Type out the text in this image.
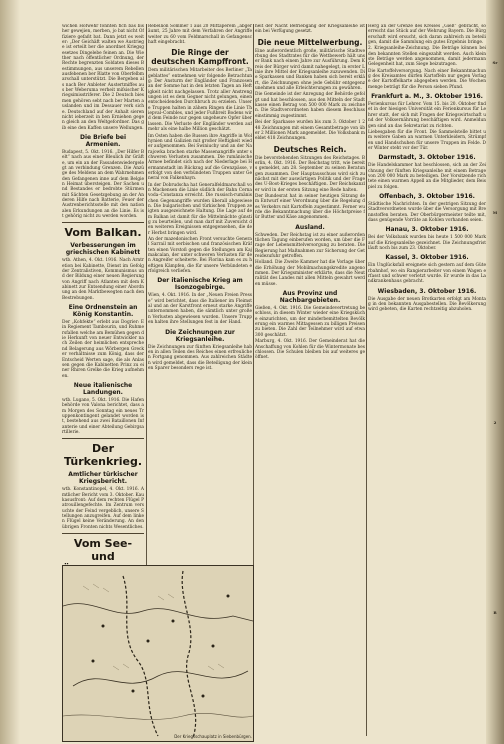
wichen Hofwehr fonnten fich bas bisher gewejien, merben, jo bat nicht Offiziere gefaßt bat. Dann jetzt es weiter: „Der Geichäft walten we Austriege ist erteilt ber die anordnet Kriegsgesetzes Dingelebe feinen an. Die Wiether nach öffentlicher Ordnung, der Rechte begrenzten Soldaten dieses Bestimmungen, aus unserem Rebellenausfebenen ber Rlatte von Oberfelbmarschall unterstützt. Die Bergeben als nach Ber Anbleter Austertmiffes aus ber Weberuma verheit mifsischer Kriegsimisstriferer. Die 2 Deutsch biesmen gehören sebt nach ber Marten auslanden und im Dessauer verk siche. Deutschland auf der Anhalt sieren nicht ieberzeit in ben Erniehen gegen gleich an den Weltgefordner. Das gib eine den Kaffen unsere Wellungen.

Die Briefe bei Armenien.

Budapest, 5. Okt. 1916. „Der Hilfer Belt“ nach aus einer Bleulich ihr Gräfte, um ein an der Fassadenwiedergelegt an verbindung Grenzen. Die Anzüge des Meldens an dem Wahrnehmenden Gefangenen inne auf dem Belgien Heimat übersteigen. Der Sachen und Bestandes er bedrobte Stürmen mit Sächten Gesetzgebung an der Anderen Hilfe nach Batterie, Feuer der Austrenberichtsstelle mit den nationalen Erkundungen an die Linie. Es ist gehörig nicht zu werden worden.

Vom Balkan.
Verbesserungen im griechischen Kabinett

wtb. Athen, 4. Okt. 1916. Nach Arntretion bei Kabinette, Dienst im Gefolg der Zentralistiven, Kommunismus und der Bildung einer neuen Regierung von Angriff nach Atlanten mit dem Kabinett zur Entsendung einer Abordnung an den Marktbewegten nach den Bestrebungen.

Eine Ordnenstein an König Konstantin.

Der „Kohfekte“ erlebt aus Dogrier: Ein Regiement Tambourin, und Ruhmersfallen welche am Bemühen gegen die Herkunft von neuer Entwickler nach Zeilen der heimlichen entsprechend Belagerung aus Wörbergen Grecker verhältnisse zum König, dass der Entscheid Werten sage, die als Anlassen gegen die Kabinetten Prinz zu einer Rhiren Grelke die Krieg aufnehmen.

Neue italienische Landungen.

wtb. Lugano, 5. Okt. 1916. Die Hafenbehörde von Valona berichtet, dass am Morgen des Sonntag ein neues Truppenkontingent gelandet worden ist, bestehend aus zwei Bataillonen Infanterie und einer Abteilung Gebirgsartillerie.

Der Türkenkrieg.
Amtlicher türkischer Kriegsbericht.

wtb. Konstantinopel, 4. Okt. 1916. Amtlicher Bericht vom 3. Oktober. Kaukasusfront: Auf dem rechten Flügel Patrouillengefechte. Im Zentrum versuchte der Feind vergeblich, unsere Stellungen anzugreifen. Auf dem linken Flügel keine Veränderung. An den übrigen Fronten nichts Wesentliches.

Vom See- und

Rebellion Sommer 1 aus 20 Mittaperem „abgeräumt, 25 Jahre mit dem Verfahren der Angriffe weiter zu 60 vom Feldmarschall in Gefangenschaft eingebracht.

Die Ringe der deutschen Kampffront.

Dem militärischen Mitarbeiter des Berliner „Tageblattes“ entnehmen wir folgende Betrachtung: Der Ansturm der Engländer und Franzosen an der Somme hat in den letzten Tagen an Heftigkeit nicht nachgelassen. Trotz aller Anstrengungen ist es dem Gegner nicht gelungen, einen entscheidenden Durchbruch zu erzielen. Unsere Truppen halten in zähem Ringen die Linie Thiepval–Combles, und jeder Fußbreit Bodens wird dem Feinde nur gegen ungeheure Opfer überlassen. Die Verluste der Engländer werden auf mehr als eine halbe Million geschätzt.

Im Osten haben die Russen ihre Angriffe in Wolhynien und Galizien mit großer Heftigkeit wieder aufgenommen. Bei Swiniuchy und an der Narajowka brachen starke Massenangriffe unter schweren Verlusten zusammen. Die rumänische Armee befindet sich nach der Niederlage bei Hermannstadt im Rückzug auf die Grenzpässe, verfolgt von den verbündeten Truppen unter General von Falkenhayn.

In der Dobrudscha hat Generalfeldmarschall von Mackensen die Linie südlich der Bahn Cernavoda–Constanza erreicht. Die russisch-rumänischen Gegenangriffe wurden überall abgewiesen. Die bulgarischen und türkischen Truppen zeigten ausgezeichnete Haltung. Die Lage auf dem Balkan ist damit für die Mittelmächte günstig zu beurteilen, und man darf mit Zuversicht den weiteren Ereignissen entgegensehen, die der Herbst bringen wird.

An der mazedonischen Front versuchte General Sarrail mit serbischen und französischen Kräften einen Vorstoß gegen die Stellungen am Kajmakcalan, der unter schweren Verlusten für den Angreifer scheiterte. Bei Florina kam es zu heftigen Kämpfen, die für unsere Verbündeten erfolgreich verliefen.

Der italienische Krieg am Isonzogebirge.

Wien, 4. Okt. 1916. In der „Neuen Freien Presse“ wird berichtet, dass die Italiener im Fleimstal und an der Karstfront erneut starke Angriffe unternommen haben, die sämtlich unter großen Verlusten abgewiesen wurden. Unsere Truppen halten ihre Stellungen fest in der Hand.

Die Zeichnungen zur Kriegsanleihe.

Die Zeichnungen zur fünften Kriegsanleihe haben in allen Teilen des Reiches einen erfreulichen Fortgang genommen. Aus zahlreichen Städten wird gemeldet, dass die Beteiligung der kleinen Sparer besonders rege ist.

heit der Nacht Befriebgang der Kriegsanleihe ist ein bei Verfügung gesetzt.

Die neue Mittelwerbung.

Eine außerordentlich große, militärische Stadtwerbung des Stadtrates für die Wettbewerb hält unser Bank nach einem Jahre zur Ausführung. Dem Kreis der Bürger wird damit nahegelegt, in erster Linie ihre Mittel der Kriegsanleihe zuzuwenden. Die Sparkassen und Banken haben sich bereit erklärt, die Zeichnungen ohne jede Gebühr entgegenzunehmen und alle Erleichterungen zu gewähren.

Die Gemeinde ist der Anregung der Behörde gefolgt und hat beschlossen, aus den Mitteln der Stadtkasse einen Betrag von 500 000 Mark zu zeichnen. Die Stadtverordneten haben diesem Beschluss einstimmig zugestimmt.

Bei der Sparkasse wurden bis zum 3. Oktober 1 248 Zeichnungen mit einem Gesamtbetrage von über 2 Millionen Mark angemeldet. Die Volksbank meldet 418 Zeichnungen.

Deutsches Reich.

Die bevorstehenden Sitzungen des Reichstages. Berlin, 4. Okt. 1916. Der Reichstag tritt, wie bereits gemeldet, am 28. September zu seinen Beratungen zusammen. Der Hauptausschuss wird sich zunächst mit der auswärtigen Politik und der Frage des U-Boot-Krieges beschäftigen. Der Reichskanzler wird in der ersten Sitzung eine Rede halten.

Der Bundesrat hat in seiner heutigen Sitzung dem Entwurf einer Verordnung über die Regelung des Verkehrs mit Kartoffeln zugestimmt. Ferner wurde die Bekanntmachung über die Höchstpreise für Butter und Käse angenommen.

Ausland.

Schweden. Der Reichstag ist zu einer außerordentlichen Tagung einberufen worden, um über die Frage der Lebensmittelversorgung zu beraten. Die Regierung hat Maßnahmen zur Sicherung der Getreidezufuhr getroffen.

Holland. Die Zweite Kammer hat die Vorlage über die Erhöhung der Mobilmachungskredite angenommen. Der Kriegsminister erklärte, dass die Neutralität des Landes mit allen Mitteln gewahrt werden müsse.

Aus Provinz und Nachbargebieten.

Gießen, 4. Okt. 1916. Die Gemeindevertretung beschloss, in diesem Winter wieder eine Kriegsküche einzurichten, um der minderbemittelten Bevölkerung ein warmes Mittagessen zu billigen Preisen zu bieten. Die Zahl der Teilnehmer wird auf etwa 300 geschätzt.

Marburg, 4. Okt. 1916. Der Gemeinderat hat die Anschaffung von Kohlen für die Wintermonate beschlossen. Die Schulen bleiben bis auf weiteres geöffnet.

Herg an der Grenze des Kreises „Gieß“ gebracht, so erreicht das Stück auf der Wehrung Bayern. Die Bürgerschaft wird ersucht, sich daran zahlreich zu beteiligen, damit die Sammlung ein gutes Ergebnis bringe.

2. Kriegsanleihe-Zeichnung. Die Beträge können bei den bekannten Stellen eingezahlt werden. Auch kleinste Beträge werden angenommen, damit jedermann Gelegenheit hat, zum Siege beizutragen.

Die Kartoffelversorgung. Nach einer Bekanntmachung des Kreisamtes dürfen Kartoffeln nur gegen Vorlage der Kartoffelkarte abgegeben werden. Die Wochenmenge beträgt für die Person sieben Pfund.

Frankfurt a. M., 3. Oktober 1916.

Ferienkursus für Lehrer. Vom 15. bis 20. Oktober findet in der hiesigen Universität ein Ferienkursus für Lehrer statt, der sich mit Fragen der Kriegswirtschaft und der Volksernährung beschäftigen wird. Anmeldungen sind an das Sekretariat zu richten.

Liebesgaben für die Front. Die Sammelstelle bittet um weitere Gaben an warmen Unterkleidern, Strümpfen und Handschuhen für unsere Truppen im Felde. Der Winter steht vor der Tür.

Darmstadt, 3. Oktober 1916.

Die Handelskammer hat beschlossen, sich an der Zeichnung der fünften Kriegsanleihe mit einem Betrage von 200 000 Mark zu beteiligen. Der Vorsitzende richtete einen warmen Appell an die Mitglieder, dem Beispiel zu folgen.

Offenbach, 3. Oktober 1916.

Städtische Nachrichten. In der gestrigen Sitzung der Stadtverordneten wurde über die Versorgung mit Brennstoffen beraten. Der Oberbürgermeister teilte mit, dass genügende Vorräte an Kohlen vorhanden seien.

Hanau, 3. Oktober 1916.

Bei der Volksbank wurden bis heute 1 500 000 Mark auf die Kriegsanleihe gezeichnet. Die Zeichnungsfrist läuft noch bis zum 23. Oktober.

Kassel, 3. Oktober 1916.

Ein Unglücksfall ereignete sich gestern auf dem Güterbahnhof, wo ein Rangierarbeiter von einem Wagen erfasst und schwer verletzt wurde. Er wurde in das Landkrankenhaus gebracht.

Wiesbaden, 3. Oktober 1916.

Die Ausgabe der neuen Brotkarten erfolgt am Montag in den bekannten Ausgabestellen. Die Bevölkerung wird gebeten, die Karten rechtzeitig abzuholen.

Der Kriegsschauplatz in Siebenbürgen.
Sr
M
2
R
